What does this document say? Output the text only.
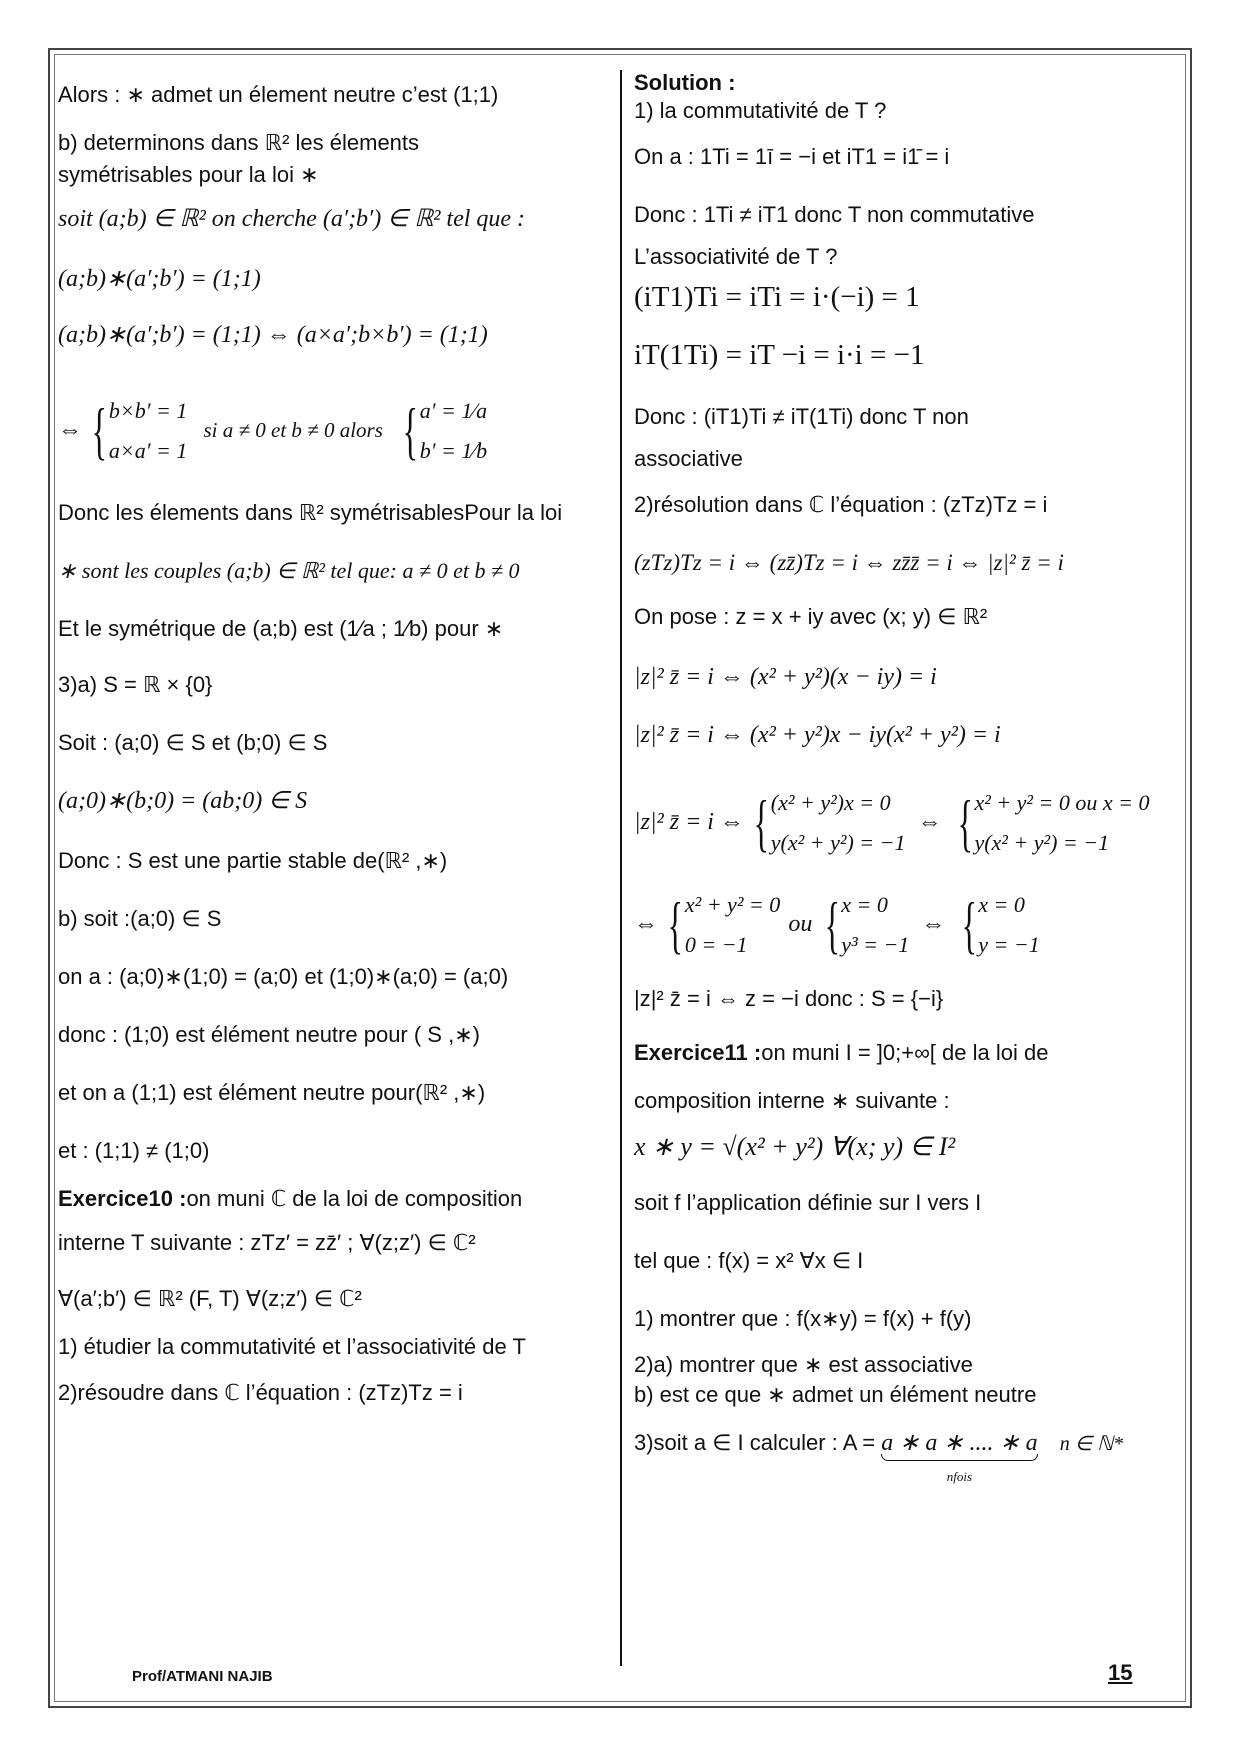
Alors : ∗ admet un élement neutre c’est (1;1)
b) determinons dans ℝ² les élements
symétrisables pour la loi ∗
soit (a;b) ∈ ℝ² on cherche (a′;b′) ∈ ℝ² tel que :
(a;b)∗(a′;b′) = (1;1)
(a;b)∗(a′;b′) = (1;1) ⇔ (a×a′;b×b′) = (1;1)
⇔ { b×b′ = 1
a×a′ = 1
si a ≠ 0 et b ≠ 0 alors { a′ = 1⁄a
b′ = 1⁄b
Donc les élements dans ℝ² symétrisablesPour la loi
∗ sont les couples (a;b) ∈ ℝ² tel que: a ≠ 0 et b ≠ 0
Et le symétrique de (a;b) est (1⁄a ; 1⁄b) pour ∗
3)a) S = ℝ × {0}
Soit : (a;0) ∈ S et (b;0) ∈ S
(a;0)∗(b;0) = (ab;0) ∈ S
Donc : S est une partie stable de(ℝ² ,∗)
b) soit :(a;0) ∈ S
on a : (a;0)∗(1;0) = (a;0) et (1;0)∗(a;0) = (a;0)
donc : (1;0) est élément neutre pour ( S ,∗)
et on a (1;1) est élément neutre pour(ℝ² ,∗)
et : (1;1) ≠ (1;0)
Exercice10 :on muni ℂ de la loi de composition
interne T suivante : zTz′ = zz̄′ ; ∀(z;z′) ∈ ℂ²
∀(a′;b′) ∈ ℝ² (F, T) ∀(z;z′) ∈ ℂ²
1) étudier la commutativité et l’associativité de T
2)résoudre dans ℂ l’équation : (zTz)Tz = i
Solution :
1) la commutativité de T ?
On a : 1Ti = 1ī = −i et iT1 = i1̄ = i
Donc : 1Ti ≠ iT1 donc T non commutative
L’associativité de T ?
(iT1)Ti = iTi = i·(−i) = 1
iT(1Ti) = iT −i = i·i = −1
Donc : (iT1)Ti ≠ iT(1Ti) donc T non
associative
2)résolution dans ℂ l’équation : (zTz)Tz = i
(zTz)Tz = i ⇔ (zz̄)Tz = i ⇔ zz̄z̄ = i ⇔ |z|² z̄ = i
On pose : z = x + iy avec (x; y) ∈ ℝ²
|z|² z̄ = i ⇔ (x² + y²)(x − iy) = i
|z|² z̄ = i ⇔ (x² + y²)x − iy(x² + y²) = i
|z|² z̄ = i ⇔ { (x² + y²)x = 0
y(x² + y²) = −1
⇔ { x² + y² = 0 ou x = 0
y(x² + y²) = −1
⇔ { x² + y² = 0
0 = −1
ou { x = 0
y³ = −1
⇔ { x = 0
y = −1
|z|² z̄ = i ⇔ z = −i donc : S = {−i}
Exercice11 :on muni I = ]0;+∞[ de la loi de
composition interne ∗ suivante :
x ∗ y = √(x² + y²) ∀(x; y) ∈ I²
soit f l’application définie sur I vers I
tel que : f(x) = x² ∀x ∈ I
1) montrer que : f(x∗y) = f(x) + f(y)
2)a) montrer que ∗ est associative
b) est ce que ∗ admet un élément neutre
3)soit a ∈ I calculer : A = a ∗ a ∗ .... ∗ a
nfois
n ∈ ℕ*
Prof/ATMANI NAJIB	15
